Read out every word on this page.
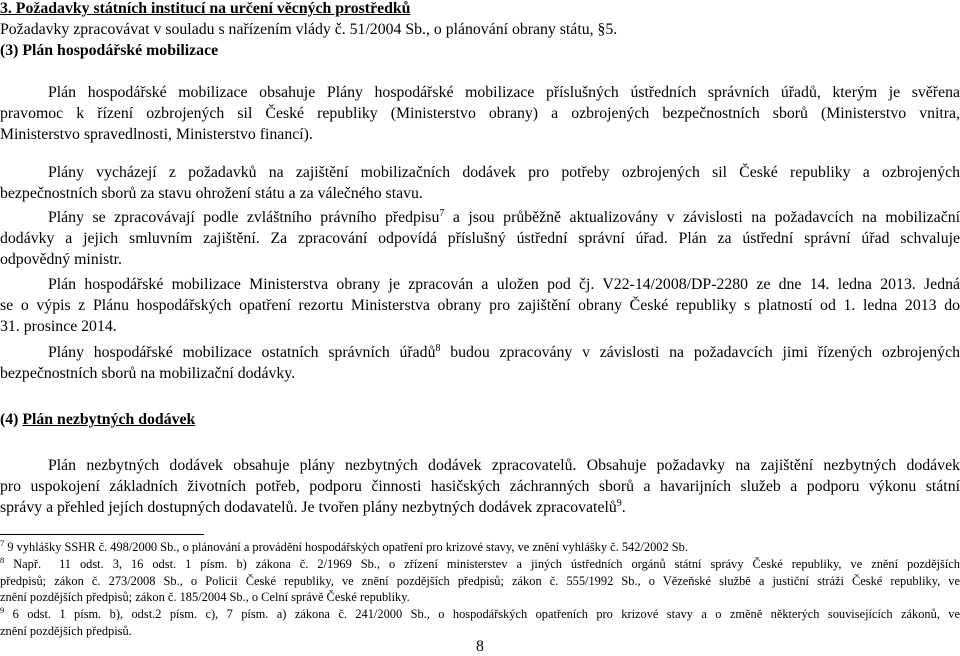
3. Požadavky státních institucí na určení věcných prostředků
Požadavky zpracovávat v souladu s nařízením vlády č. 51/2004 Sb., o plánování obrany státu, §5.
(3) Plán hospodářské mobilizace
Plán hospodářské mobilizace obsahuje Plány hospodářské mobilizace příslušných ústředních správních úřadů, kterým je svěřena
pravomoc k řízení ozbrojených sil České republiky (Ministerstvo obrany) a ozbrojených bezpečnostních sborů (Ministerstvo vnitra,
Ministerstvo spravedlnosti, Ministerstvo financí).
Plány vycházejí z požadavků na zajištění mobilizačních dodávek pro potřeby ozbrojených sil České republiky a ozbrojených
bezpečnostních sborů za stavu ohrožení státu a za válečného stavu.
Plány se zpracovávají podle zvláštního právního předpisu$^7$ a jsou průběžně aktualizovány v závislosti na požadavcích na mobilizační
dodávky a jejich smluvním zajištění. Za zpracování odpovídá příslušný ústřední správní úřad. Plán za ústřední správní úřad schvaluje
odpovědný ministr.
Plán hospodářské mobilizace Ministerstva obrany je zpracován a uložen pod čj. V22-14/2008/DP-2280 ze dne 14. ledna 2013. Jedná
se o výpis z Plánu hospodářských opatření rezortu Ministerstva obrany pro zajištění obrany České republiky s platností od 1. ledna 2013 do
31. prosince 2014.
Plány hospodářské mobilizace ostatních správních úřadů$^8$ budou zpracovány v závislosti na požadavcích jimi řízených ozbrojených
bezpečnostních sborů na mobilizační dodávky.
(4) Plán nezbytných dodávek
Plán nezbytných dodávek obsahuje plány nezbytných dodávek zpracovatelů. Obsahuje požadavky na zajištění nezbytných dodávek
pro uspokojení základních životních potřeb, podporu činnosti hasičských záchranných sborů a havarijních služeb a podporu výkonu státní
správy a přehled jejích dostupných dodavatelů. Je tvořen plány nezbytných dodávek zpracovatelů$^9$.
$^7$ 9 vyhlášky SSHR č. 498/2000 Sb., o plánování a provádění hospodářských opatření pro krizové stavy, ve znění vyhlášky č. 542/2002 Sb.
$^8$ Např.  11 odst. 3, 16 odst. 1 písm. b) zákona č. 2/1969 Sb., o zřízení ministerstev a jiných ústředních orgánů státní správy České republiky, ve znění pozdějších
předpisů; zákon č. 273/2008 Sb., o Policii České republiky, ve znění pozdějších předpisů; zákon č. 555/1992 Sb., o Vězeňské službě a justiční stráži České republiky, ve
znění pozdějších předpisů; zákon č. 185/2004 Sb., o Celní správě České republiky.
$^9$ 6 odst. 1 písm. b), odst.2 písm. c), 7 písm. a) zákona č. 241/2000 Sb., o hospodářských opatřeních pro krizové stavy a o změně některých souvisejících zákonů, ve
znění pozdějších předpisů.
8
